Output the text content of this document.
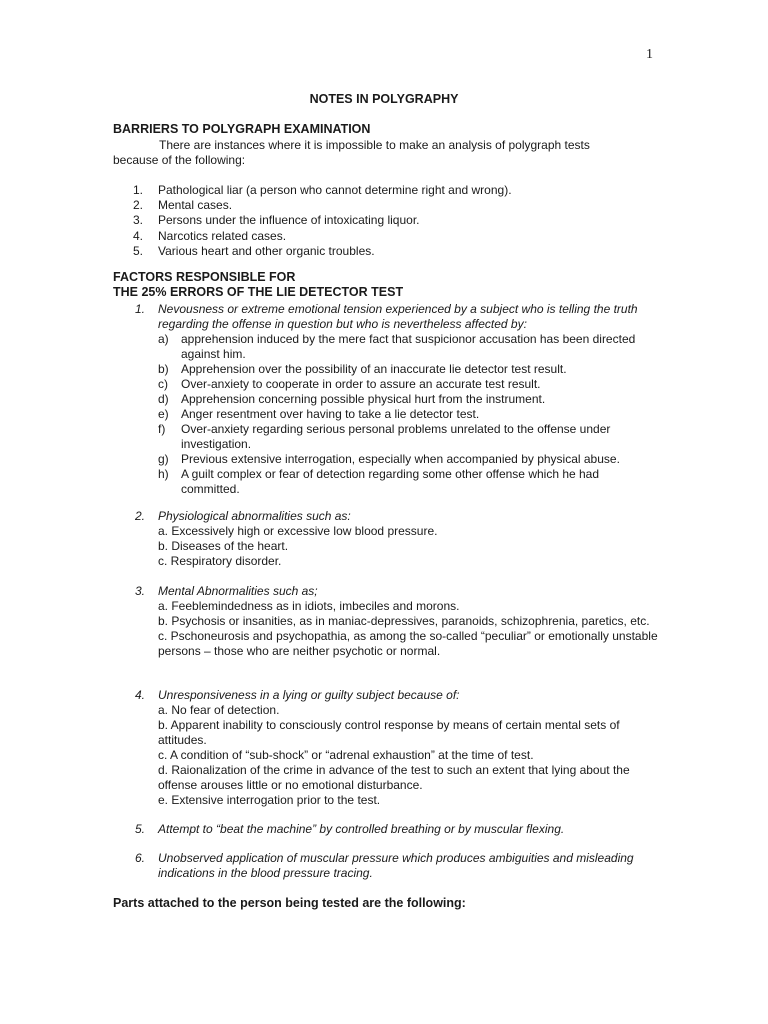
1
NOTES IN POLYGRAPHY
BARRIERS TO POLYGRAPH EXAMINATION
There are instances where it is impossible to make an analysis of polygraph tests
because of the following:
1. Pathological liar (a person who cannot determine right and wrong).
2. Mental cases.
3. Persons under the influence of intoxicating liquor.
4. Narcotics related cases.
5. Various heart and other organic troubles.
FACTORS RESPONSIBLE FOR
THE 25% ERRORS OF THE LIE DETECTOR TEST
1.	Nevousness or extreme emotional tension experienced by a subject who is telling the truth regarding the offense in question but who is nevertheless affected by:
a) apprehension induced by the mere fact that suspicionor accusation has been directed against him.
b) Apprehension over the possibility of an inaccurate lie detector test result.
c) Over-anxiety to cooperate in order to assure an accurate test result.
d) Apprehension concerning possible physical hurt from the instrument.
e) Anger resentment over having to take a lie detector test.
f) Over-anxiety regarding serious personal problems unrelated to the offense under investigation.
g) Previous extensive interrogation, especially when accompanied by physical abuse.
h) A guilt complex or fear of detection regarding some other offense which he had committed.
2.	Physiological abnormalities such as:
a. Excessively high or excessive low blood pressure.
b. Diseases of the heart.
c. Respiratory disorder.
3.	Mental Abnormalities such as;
a. Feeblemindedness as in idiots, imbeciles and morons.
b. Psychosis or insanities, as in maniac-depressives, paranoids, schizophrenia, paretics, etc.
c. Pschoneurosis and psychopathia, as among the so-called “peculiar” or emotionally unstable persons – those who are neither psychotic or normal.
4.	Unresponsiveness in a lying or guilty subject because of:
a. No fear of detection.
b. Apparent inability to consciously control response by means of certain mental sets of attitudes.
c. A condition of “sub-shock” or “adrenal exhaustion” at the time of test.
d. Raionalization of the crime in advance of the test to such an extent that lying about the offense arouses little or no emotional disturbance.
e. Extensive interrogation prior to the test.
5.	Attempt to “beat the machine” by controlled breathing or by muscular flexing.
6.	Unobserved application of muscular pressure which produces ambiguities and misleading indications in the blood pressure tracing.
Parts attached to the person being tested are the following:
